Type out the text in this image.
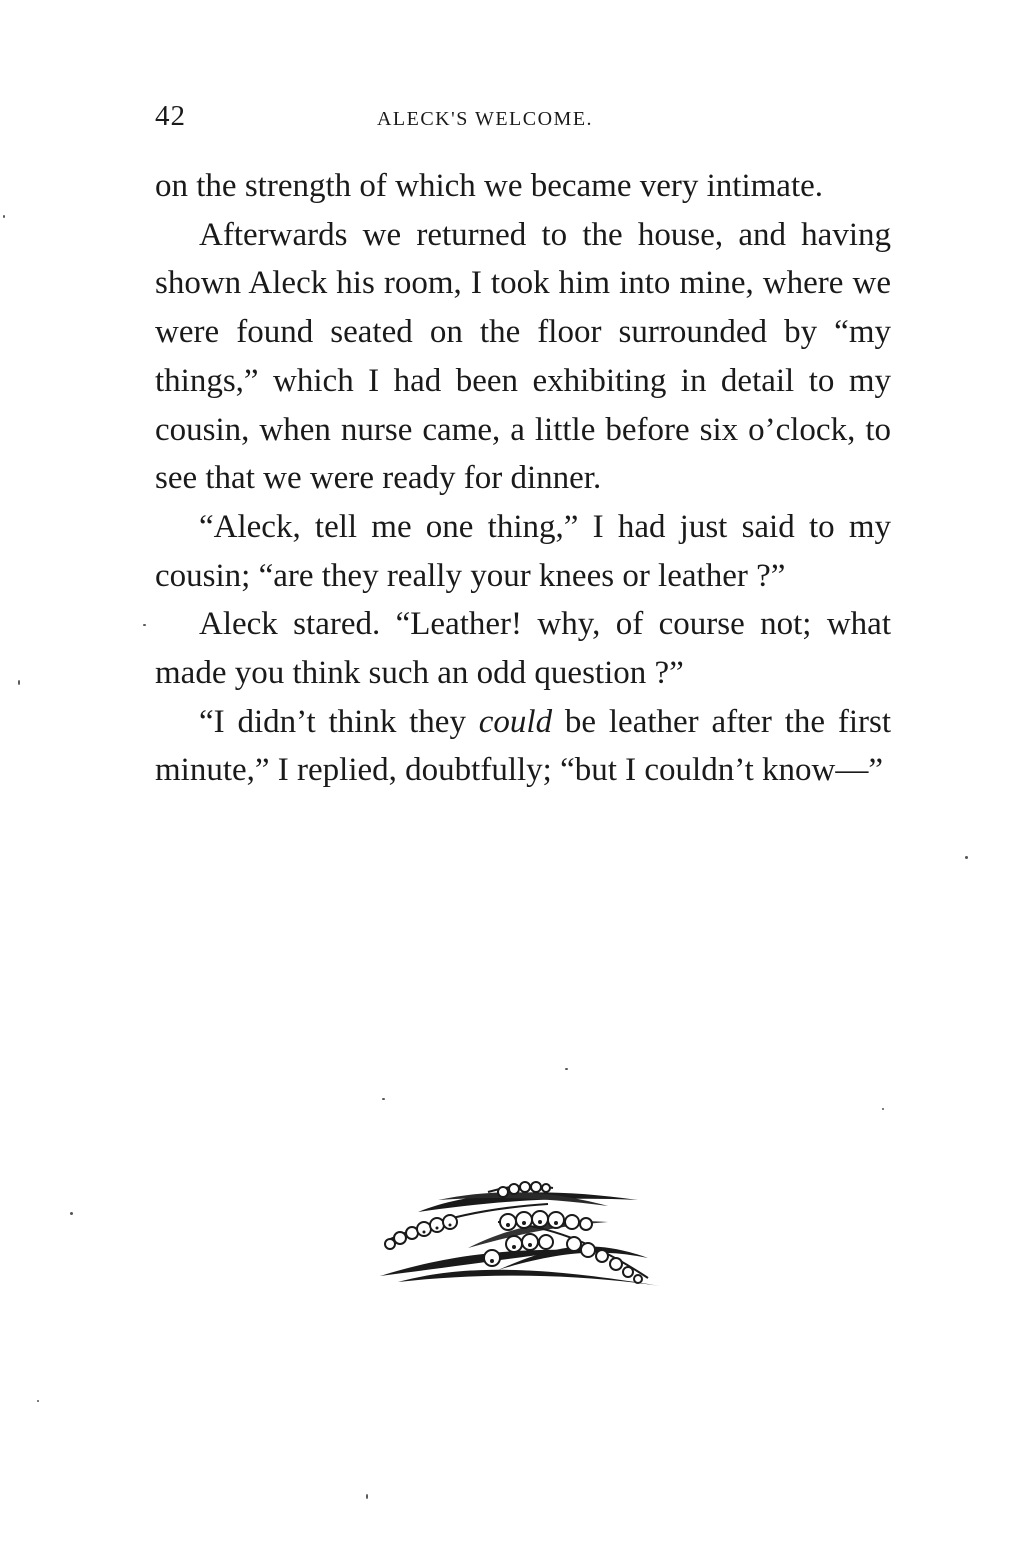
42	ALECK'S WELCOME.

on the strength of which we became very intimate.

Afterwards we returned to the house, and having shown Aleck his room, I took him into mine, where we were found seated on the floor surrounded by “my things,” which I had been exhibiting in detail to my cousin, when nurse came, a little before six o’clock, to see that we were ready for dinner.

“Aleck, tell me one thing,” I had just said to my cousin; “are they really your knees or leather ?”

Aleck stared. “Leather! why, of course not; what made you think such an odd question ?”

“I didn’t think they could be leather after the first minute,” I replied, doubtfully; “but I couldn’t know—”
